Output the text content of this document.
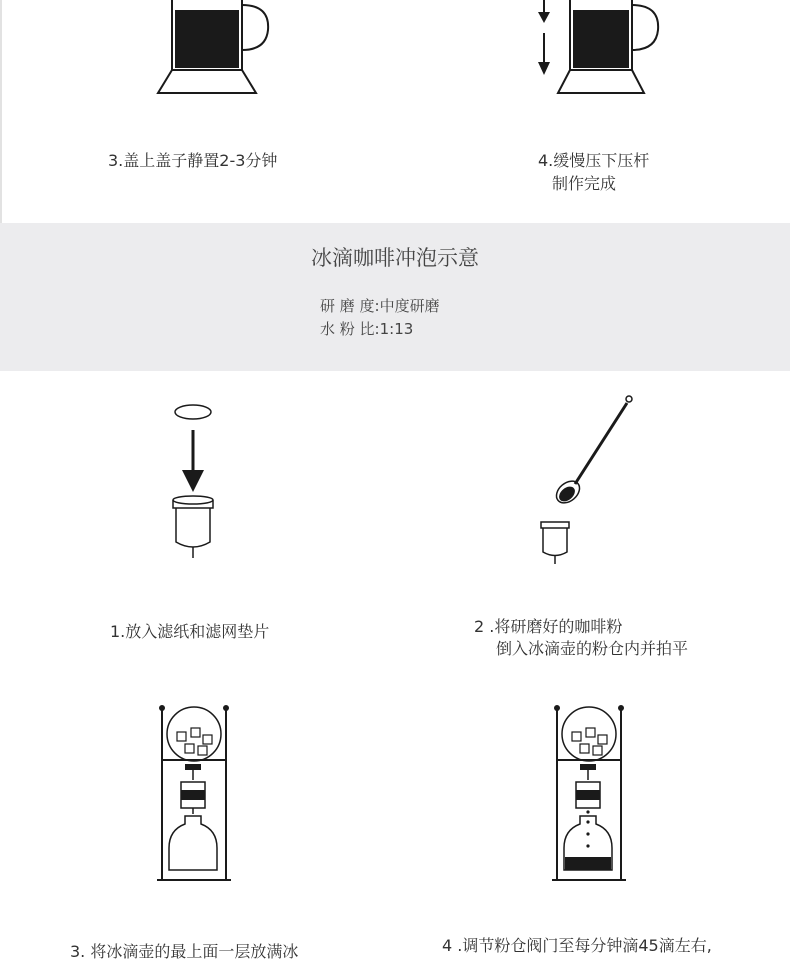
3.盖上盖子静置2-3分钟	4.缓慢压下压杆
制作完成
冰滴咖啡冲泡示意
研 磨 度:中度研磨
水 粉 比:1:13
1.放入滤纸和滤网垫片	2 .将研磨好的咖啡粉
倒入冰滴壶的粉仓内并拍平
3. 将冰滴壶的最上面一层放满冰	4 .调节粉仓阀门至每分钟滴45滴左右,
